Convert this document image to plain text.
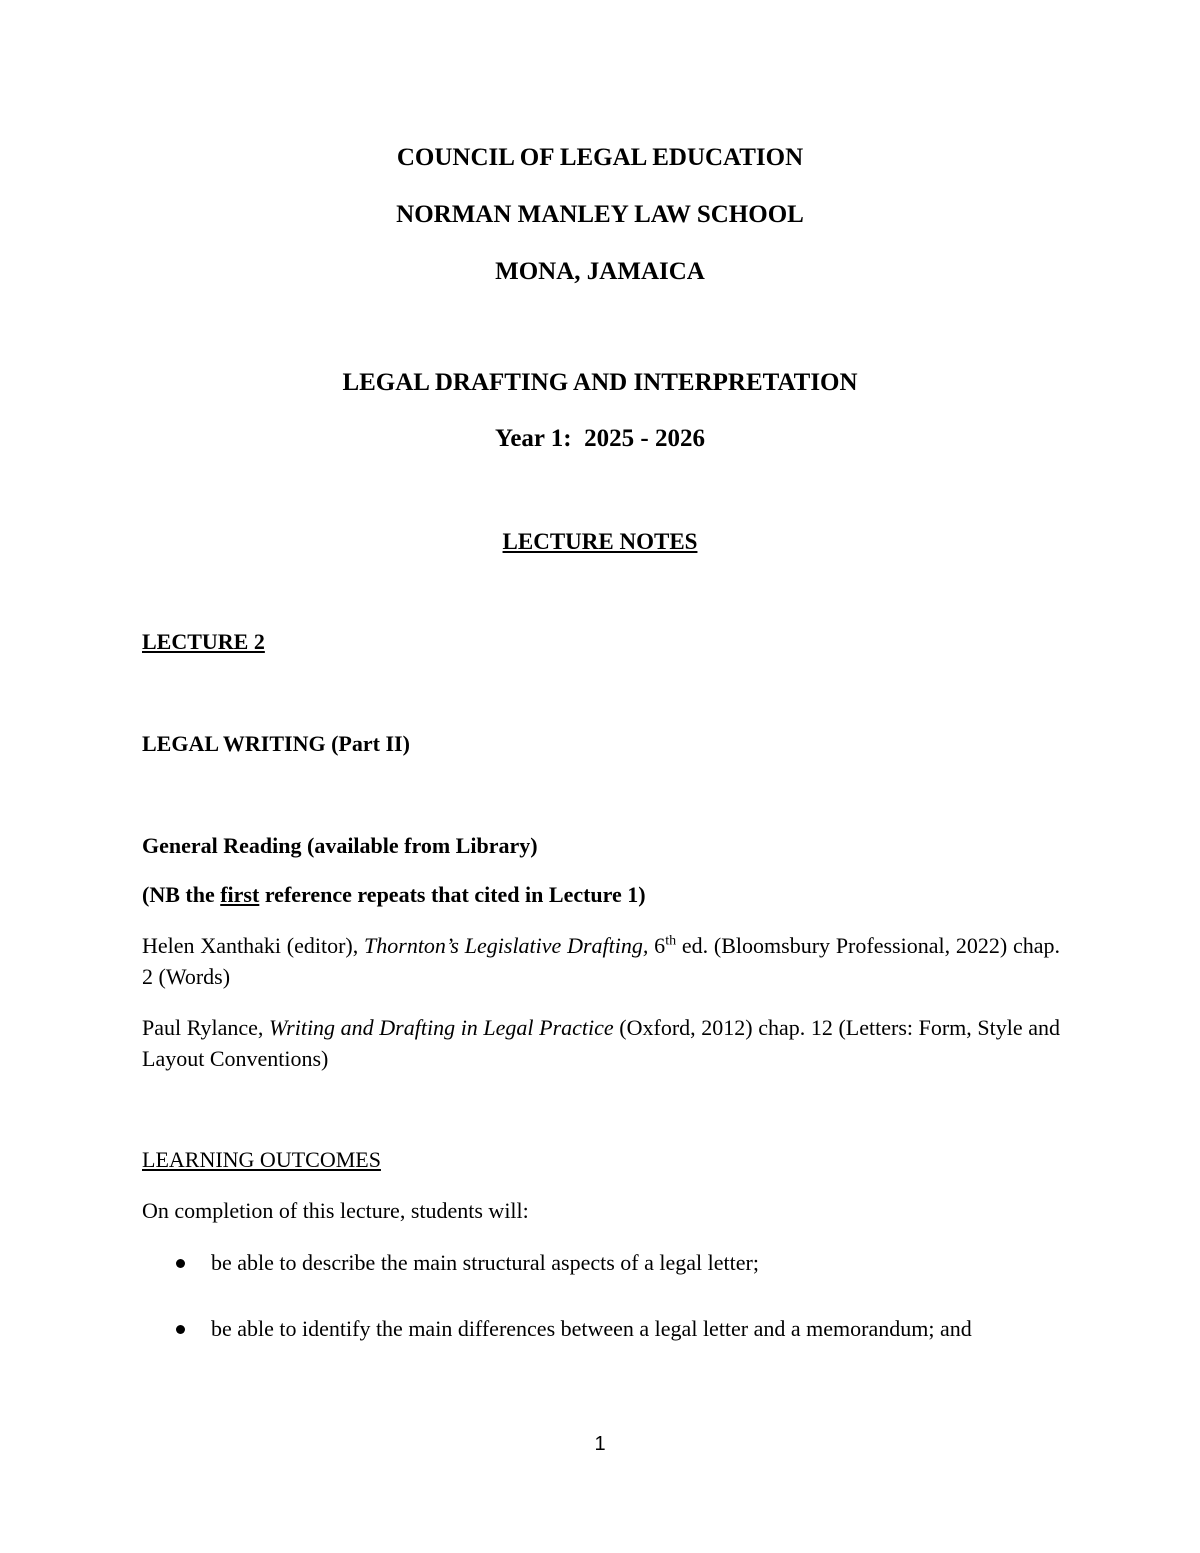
COUNCIL OF LEGAL EDUCATION
NORMAN MANLEY LAW SCHOOL
MONA, JAMAICA
LEGAL DRAFTING AND INTERPRETATION
Year 1:  2025 - 2026
LECTURE NOTES
LECTURE 2
LEGAL WRITING (Part II)
General Reading (available from Library)
(NB the first reference repeats that cited in Lecture 1)
Helen Xanthaki (editor), Thornton’s Legislative Drafting, 6th ed. (Bloomsbury Professional, 2022) chap. 2 (Words)
Paul Rylance, Writing and Drafting in Legal Practice (Oxford, 2012) chap. 12 (Letters: Form, Style and Layout Conventions)
LEARNING OUTCOMES
On completion of this lecture, students will:
be able to describe the main structural aspects of a legal letter;
be able to identify the main differences between a legal letter and a memorandum; and
1
